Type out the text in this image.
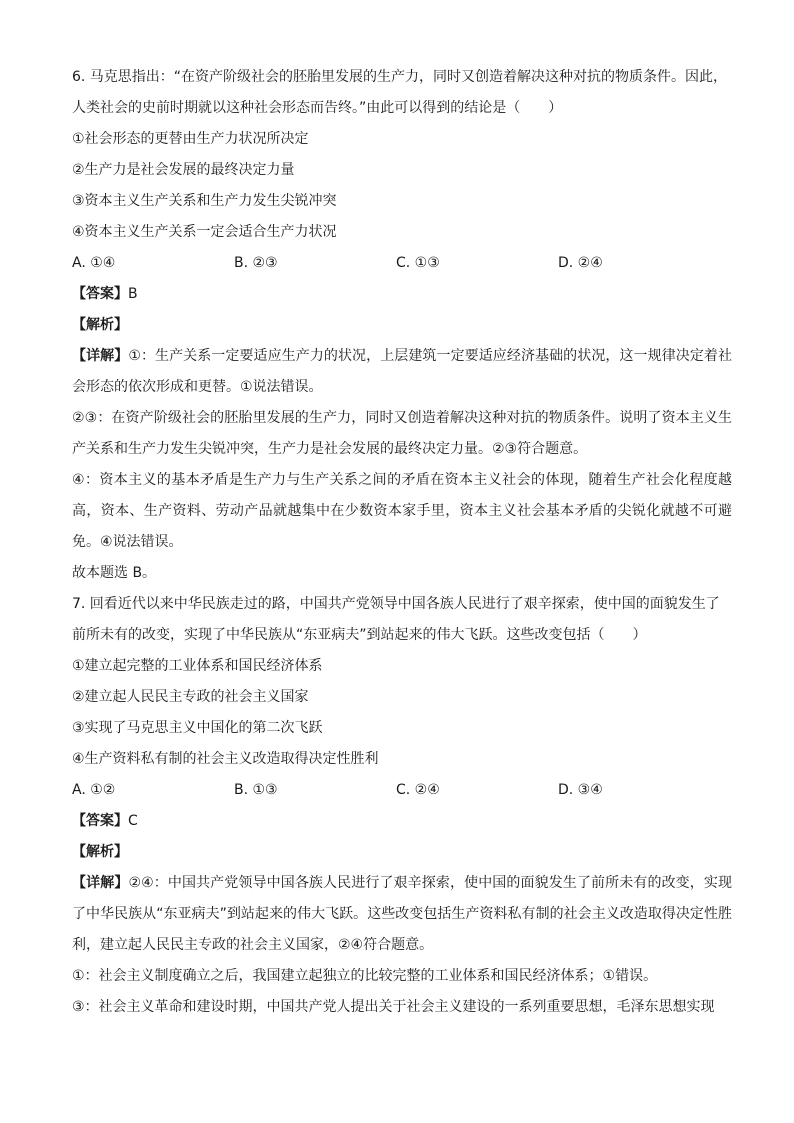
6. 马克思指出：“在资产阶级社会的胚胎里发展的生产力，同时又创造着解决这种对抗的物质条件。因此，
人类社会的史前时期就以这种社会形态而告终。”由此可以得到的结论是（　　）
①社会形态的更替由生产力状况所决定
②生产力是社会发展的最终决定力量
③资本主义生产关系和生产力发生尖锐冲突
④资本主义生产关系一定会适合生产力状况
A. ①④	B. ②③	C. ①③	D. ②④
【答案】B
【解析】
【详解】①：生产关系一定要适应生产力的状况，上层建筑一定要适应经济基础的状况，这一规律决定着社会形态的依次形成和更替。①说法错误。
②③：在资产阶级社会的胚胎里发展的生产力，同时又创造着解决这种对抗的物质条件。说明了资本主义生产关系和生产力发生尖锐冲突，生产力是社会发展的最终决定力量。②③符合题意。
④：资本主义的基本矛盾是生产力与生产关系之间的矛盾在资本主义社会的体现，随着生产社会化程度越高，资本、生产资料、劳动产品就越集中在少数资本家手里，资本主义社会基本矛盾的尖锐化就越不可避免。④说法错误。
故本题选 B。
7. 回看近代以来中华民族走过的路，中国共产党领导中国各族人民进行了艰辛探索，使中国的面貌发生了
前所未有的改变，实现了中华民族从“东亚病夫”到站起来的伟大飞跃。这些改变包括（　　）
①建立起完整的工业体系和国民经济体系
②建立起人民民主专政的社会主义国家
③实现了马克思主义中国化的第二次飞跃
④生产资料私有制的社会主义改造取得决定性胜利
A. ①②	B. ①③	C. ②④	D. ③④
【答案】C
【解析】
【详解】②④：中国共产党领导中国各族人民进行了艰辛探索，使中国的面貌发生了前所未有的改变，实现了中华民族从“东亚病夫”到站起来的伟大飞跃。这些改变包括生产资料私有制的社会主义改造取得决定性胜利，建立起人民民主专政的社会主义国家，②④符合题意。
①：社会主义制度确立之后，我国建立起独立的比较完整的工业体系和国民经济体系；①错误。
③：社会主义革命和建设时期，中国共产党人提出关于社会主义建设的一系列重要思想，毛泽东思想实现
